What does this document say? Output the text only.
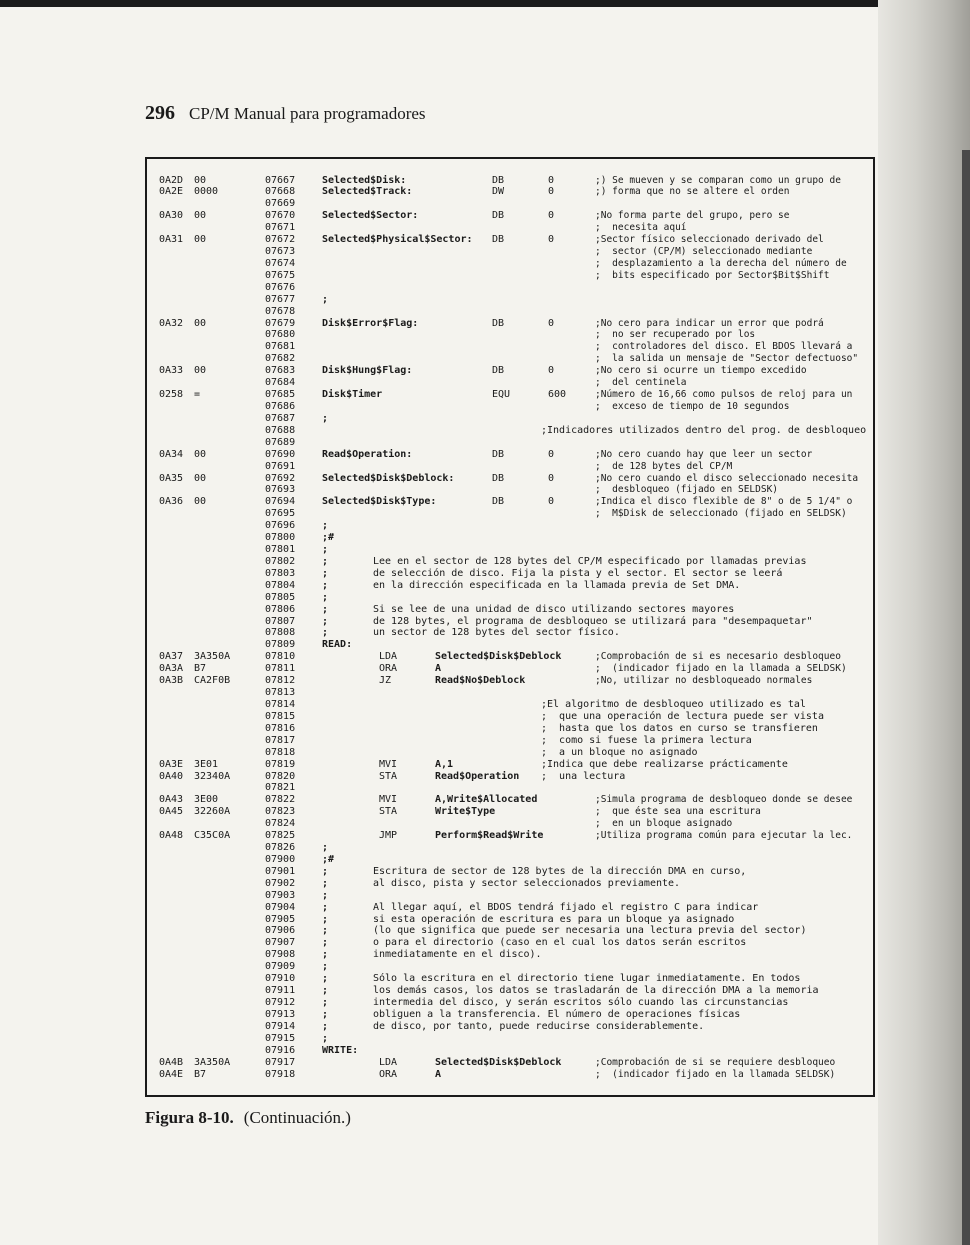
296 CP/M Manual para programadores
0A2D 00	07667	Selected$Disk:	DB	0	;) Se mueven y se comparan como un grupo de
0A2E 0000	07668	Selected$Track:	DW	0	;) forma que no se altere el orden
07669
0A30 00	07670	Selected$Sector:	DB	0	;No forma parte del grupo, pero se
07671	;  necesita aquí
0A31 00	07672	Selected$Physical$Sector: DB	0	;Sector físico seleccionado derivado del
07673	;  sector (CP/M) seleccionado mediante
07674	;  desplazamiento a la derecha del número de
07675	;  bits especificado por Sector$Bit$Shift
07676
07677	;
07678
0A32 00	07679	Disk$Error$Flag:	DB	0	;No cero para indicar un error que podrá
07680	;  no ser recuperado por los
07681	;  controladores del disco. El BDOS llevará a
07682	;  la salida un mensaje de "Sector defectuoso"
0A33 00	07683	Disk$Hung$Flag:	DB	0	;No cero si ocurre un tiempo excedido
07684	;  del centinela
0258 =	07685	Disk$Timer	EQU	600	;Número de 16,66 como pulsos de reloj para un
07686	;  exceso de tiempo de 10 segundos
07687	;
07688	;Indicadores utilizados dentro del prog. de desbloqueo
07689
0A34 00	07690	Read$Operation:	DB	0	;No cero cuando hay que leer un sector
07691	;  de 128 bytes del CP/M
0A35 00	07692	Selected$Disk$Deblock:	DB	0	;No cero cuando el disco seleccionado necesita
07693	;  desbloqueo (fijado en SELDSK)
0A36 00	07694	Selected$Disk$Type:	DB	0	;Indica el disco flexible de 8" o de 5 1/4" o
07695	;  M$Disk de seleccionado (fijado en SELDSK)
07696	;
07800	;#
07801	;
07802	;	Lee en el sector de 128 bytes del CP/M especificado por llamadas previas
07803	;	de selección de disco. Fija la pista y el sector. El sector se leerá
07804	;	en la dirección especificada en la llamada previa de Set DMA.
07805	;
07806	;	Si se lee de una unidad de disco utilizando sectores mayores
07807	;	de 128 bytes, el programa de desbloqueo se utilizará para "desempaquetar"
07808	;	un sector de 128 bytes del sector físico.
07809	READ:
0A37 3A350A	07810	LDA	Selected$Disk$Deblock	;Comprobación de si es necesario desbloqueo
0A3A B7	07811	ORA	A	;  (indicador fijado en la llamada a SELDSK)
0A3B CA2F0B	07812	JZ	Read$No$Deblock	;No, utilizar no desbloqueado normales
07813
07814	;El algoritmo de desbloqueo utilizado es tal
07815	;  que una operación de lectura puede ser vista
07816	;  hasta que los datos en curso se transfieren
07817	;  como si fuese la primera lectura
07818	;  a un bloque no asignado
0A3E 3E01	07819	MVI	A,1	;Indica que debe realizarse prácticamente
0A40 32340A	07820	STA	Read$Operation ;  una lectura
07821
0A43 3E00	07822	MVI	A,Write$Allocated	;Simula programa de desbloqueo donde se desee
0A45 32260A	07823	STA	Write$Type	;  que éste sea una escritura
07824	;  en un bloque asignado
0A48 C35C0A	07825	JMP	Perform$Read$Write	;Utiliza programa común para ejecutar la lec.
07826	;
07900	;#
07901	;	Escritura de sector de 128 bytes de la dirección DMA en curso,
07902	;	al disco, pista y sector seleccionados previamente.
07903	;
07904	;	Al llegar aquí, el BDOS tendrá fijado el registro C para indicar
07905	;	si esta operación de escritura es para un bloque ya asignado
07906	;	(lo que significa que puede ser necesaria una lectura previa del sector)
07907	;	o para el directorio (caso en el cual los datos serán escritos
07908	;	inmediatamente en el disco).
07909	;
07910	;	Sólo la escritura en el directorio tiene lugar inmediatamente. En todos
07911	;	los demás casos, los datos se trasladarán de la dirección DMA a la memoria
07912	;	intermedia del disco, y serán escritos sólo cuando las circunstancias
07913	;	obliguen a la transferencia. El número de operaciones físicas
07914	;	de disco, por tanto, puede reducirse considerablemente.
07915	;
07916	WRITE:
0A4B 3A350A	07917	LDA	Selected$Disk$Deblock	;Comprobación de si se requiere desbloqueo
0A4E B7	07918	ORA	A	;  (indicador fijado en la llamada SELDSK)
Figura 8-10. (Continuación.)
